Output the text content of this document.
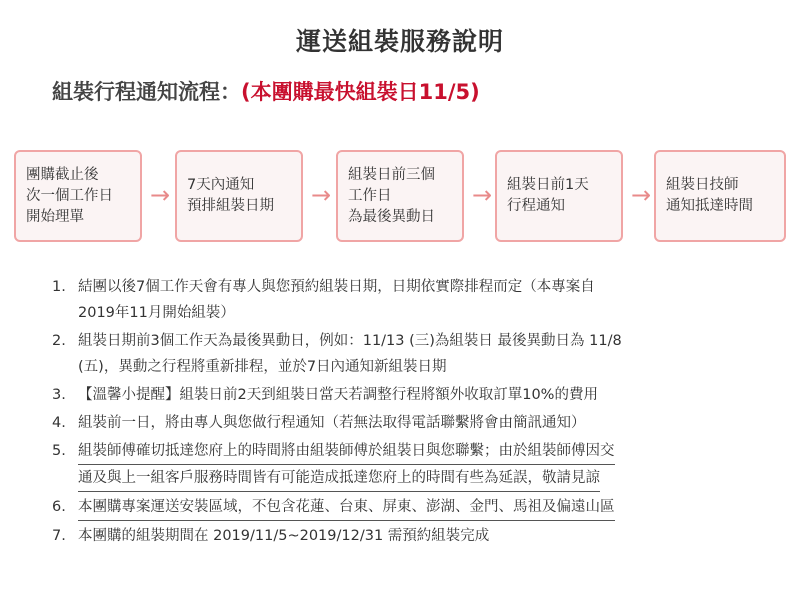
運送組裝服務說明
組裝行程通知流程：(本團購最快組裝日11/5)
團購截止後
次一個工作日
開始理單
→ 7天內通知
預排組裝日期 →
組裝日前三個
工作日
為最後異動日
→ 組裝日前1天
行程通知	→ 組裝日技師
通知抵達時間
1. 結團以後7個工作天會有專人與您預約組裝日期，日期依實際排程而定（本專案自
2019年11月開始組裝）
2. 組裝日期前3個工作天為最後異動日，例如：11/13 (三)為組裝日 最後異動日為 11/8
(五)，異動之行程將重新排程，並於7日內通知新組裝日期
3. 【溫馨小提醒】組裝日前2天到組裝日當天若調整行程將額外收取訂單10%的費用
4. 組裝前一日，將由專人與您做行程通知（若無法取得電話聯繫將會由簡訊通知）
5. 組裝師傅確切抵達您府上的時間將由組裝師傅於組裝日與您聯繫；由於組裝師傅因交
通及與上一組客戶服務時間皆有可能造成抵達您府上的時間有些為延誤，敬請見諒
6. 本團購專案運送安裝區域，不包含花蓮、台東、屏東、澎湖、金門、馬祖及偏遠山區
7. 本團購的組裝期間在 2019/11/5~2019/12/31 需預約組裝完成
